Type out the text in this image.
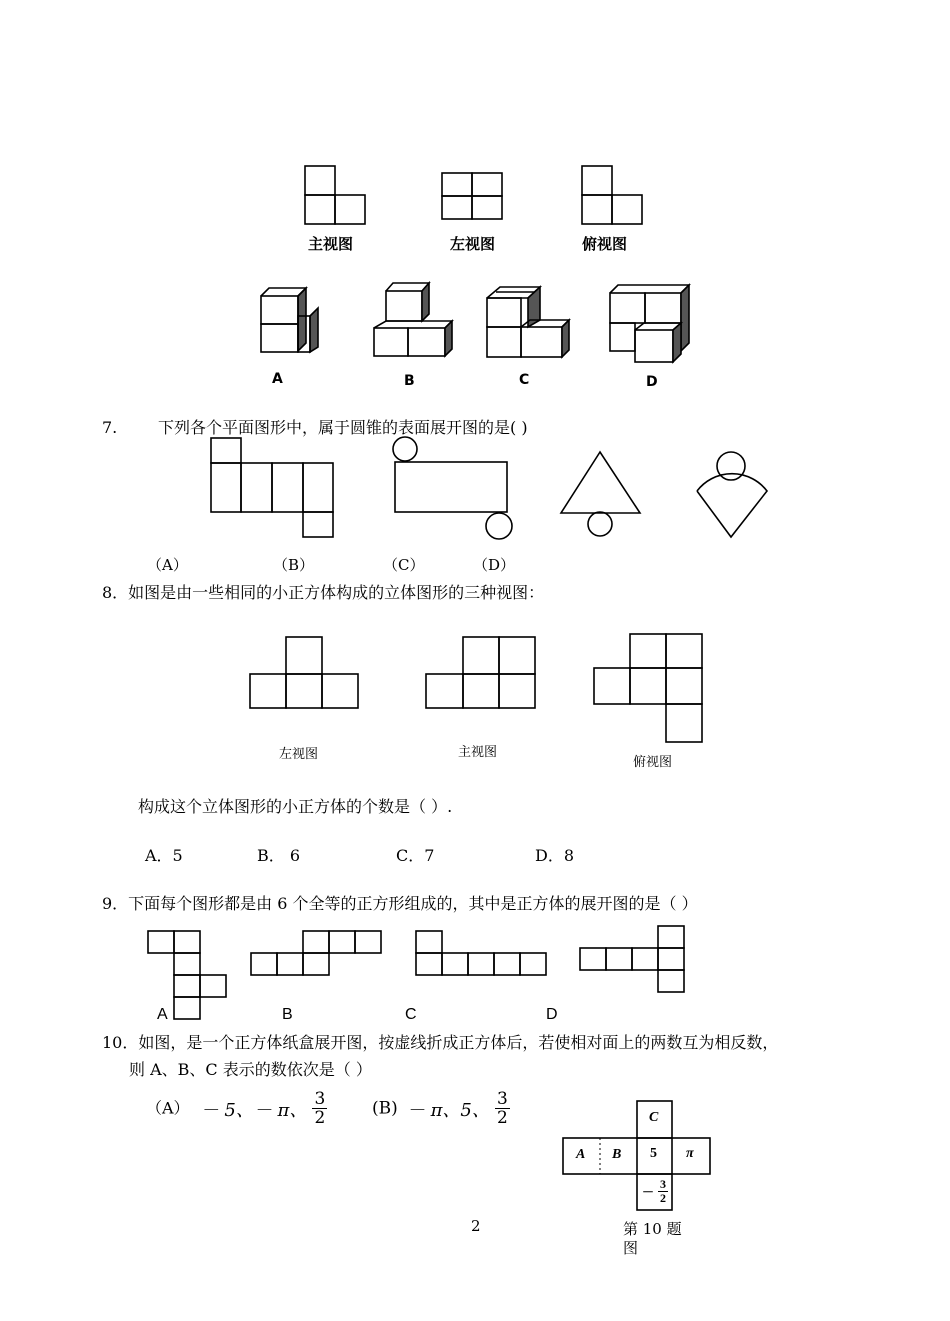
主视图	左视图	俯视图
A	B	C	D
7.	下列各个平面图形中，属于圆锥的表面展开图的是( )
（A）	（B）	（C）	（D）
8．如图是由一些相同的小正方体构成的立体图形的三种视图：
左视图	主视图
俯视图
构成这个立体图形的小正方体的个数是（ ）.
A．5	B． 6	C．7	D．8
9．下面每个图形都是由 6 个全等的正方形组成的，其中是正方体的展开图的是（ ）
A	B	C	D
10．如图，是一个正方体纸盒展开图，按虚线折成正方体后，若使相对面上的两数互为相反数，
则 A、B、C 表示的数依次是（ ）
（A） － 5、－ π、 $\frac{3}{2}$	(B) － π、5、 $\frac{3}{2}$	C
A B 5 π
－ $\frac{3}{2}$
第 10 题
图
2
